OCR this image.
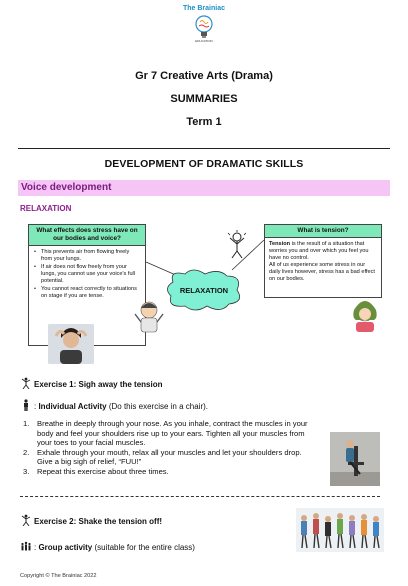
The Brainiac
EDUCATION
Gr 7 Creative Arts (Drama)
SUMMARIES
Term 1
DEVELOPMENT OF DRAMATIC SKILLS
Voice development
RELAXATION
What effects does stress have on our bodies and voice?
• This prevents air from flowing freely from your lungs.
• If air does not flow freely from your lungs, you cannot use your voice's full potential.
• You cannot react correctly to situations on stage if you are tense.
RELAXATION
What is tension?
Tension is the result of a situation that worries you and over which you feel you have no control.
All of us experience some stress in our daily lives however, stress has a bad effect on our bodies.
Exercise 1: Sigh away the tension
: Individual Activity (Do this exercise in a chair).
1. Breathe in deeply through your nose. As you inhale, contract the muscles in your body and feel your shoulders rise up to your ears. Tighten all your muscles from your toes to your facial muscles.
2. Exhale through your mouth, relax all your muscles and let your shoulders drop. Give a big sigh of relief, “FUU!”
3. Repeat this exercise about three times.
Exercise 2: Shake the tension off!
: Group activity (suitable for the entire class)
Copyright © The Brainiac 2022
